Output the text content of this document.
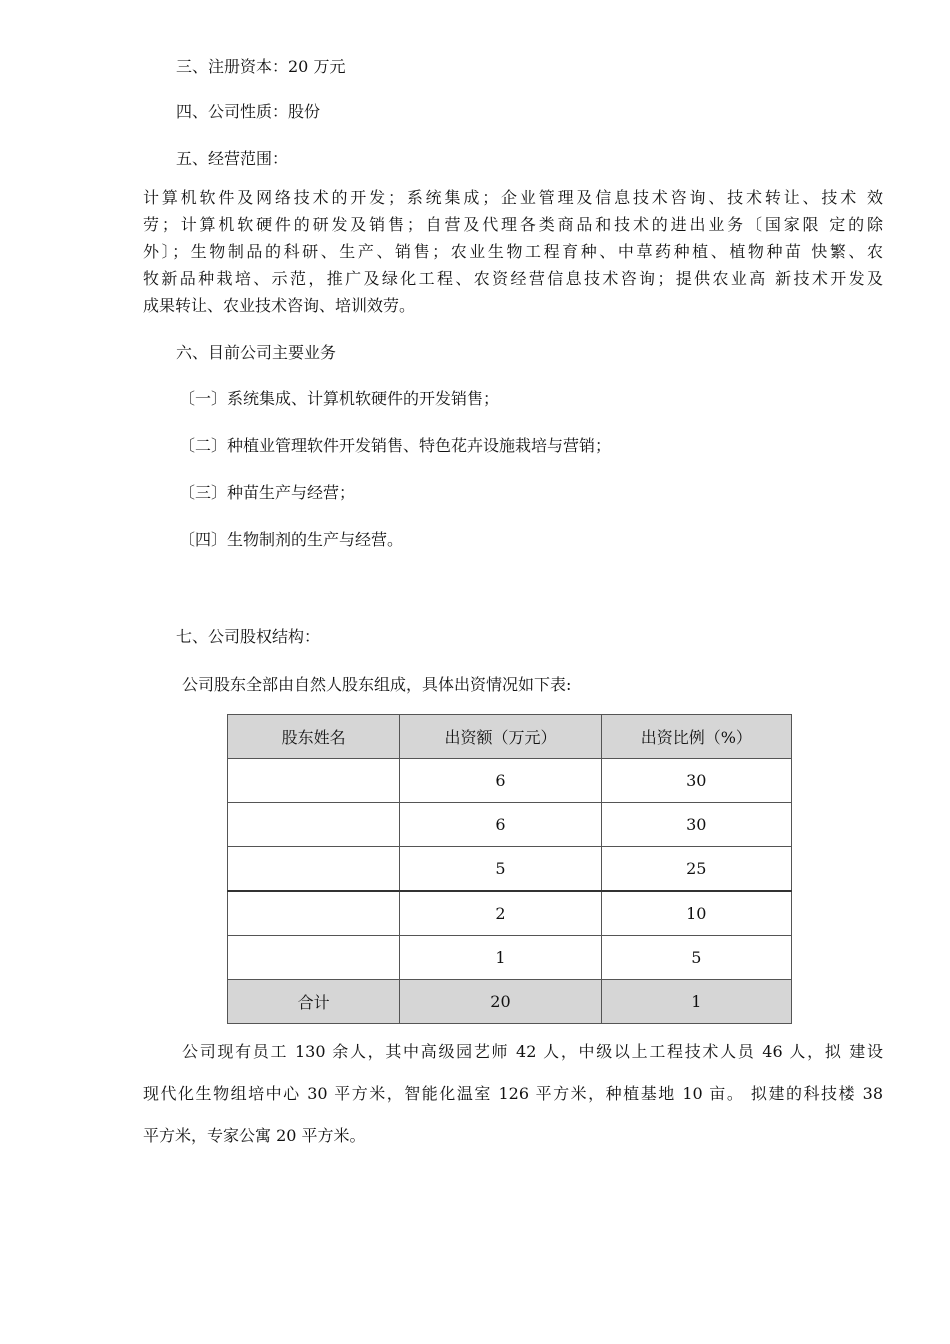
三、注册资本：20 万元
四、公司性质：股份
五、经营范围：
计算机软件及网络技术的开发；系统集成；企业管理及信息技术咨询、技术转让、技术 效
劳；计算机软硬件的研发及销售；自营及代理各类商品和技术的进出业务〔国家限 定的除
外〕；生物制品的科研、生产、销售；农业生物工程育种、中草药种植、植物种苗 快繁、农
牧新品种栽培、示范，推广及绿化工程、农资经营信息技术咨询；提供农业高 新技术开发及
成果转让、农业技术咨询、培训效劳。
六、目前公司主要业务
〔一〕系统集成、计算机软硬件的开发销售；
〔二〕种植业管理软件开发销售、特色花卉设施栽培与营销；
〔三〕种苗生产与经营；
〔四〕生物制剂的生产与经营。
七、公司股权结构：
公司股东全部由自然人股东组成，具体出资情况如下表:
股东姓名	出资额（万元）	出资比例（%）
	6	30
	6	30
	5	25
	2	10
	1	5
合计	20	1
公司现有员工 130 余人，其中高级园艺师 42 人，中级以上工程技术人员 46 人，拟 建设
现代化生物组培中心 30 平方米，智能化温室 126 平方米，种植基地 10 亩。 拟建的科技楼 38
平方米，专家公寓 20 平方米。
